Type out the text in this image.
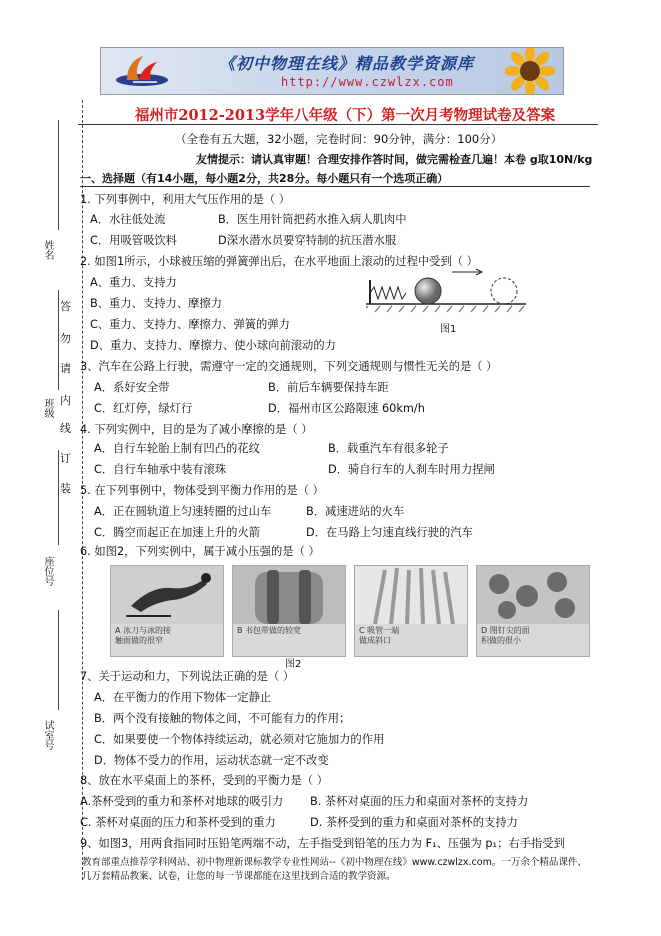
《初中物理在线》精品教学资源库
http://www.czwlzx.com
福州市2012-2013学年八年级（下）第一次月考物理试卷及答案
（全卷有五大题，32小题，完卷时间：90分钟，满分：100分）
友情提示：请认真审题！合理安排作答时间，做完需检查几遍！本卷 g取10N/kg
一、选择题（有14小题，每小题2分，共28分。每小题只有一个选项正确）
姓名
班级
座位号
试室号
答
勿
请
内
线
订
装
1. 下列事例中，利用大气压作用的是（ ）
A．水往低处流	B．医生用针筒把药水推入病人肌肉中
C．用吸管吸饮料	D深水潜水员要穿特制的抗压潜水服
2. 如图1所示，小球被压缩的弹簧弹出后，在水平地面上滚动的过程中受到（ ）
A、重力、支持力
B、重力、支持力、摩擦力
C、重力、支持力、摩擦力、弹簧的弹力
D、重力、支持力、摩擦力、使小球向前滚动的力
图1
3、汽车在公路上行驶，需遵守一定的交通规则，下列交通规则与惯性无关的是（ ）
A．系好安全带	B．前后车辆要保持车距
C．红灯停，绿灯行	D．福州市区公路限速 60km/h
4. 下列实例中，目的是为了减小摩擦的是（ ）
A．自行车轮胎上制有凹凸的花纹	B．载重汽车有很多轮子
C．自行车轴承中装有滚珠	D．骑自行车的人刹车时用力捏闸
5. 在下列事例中，物体受到平衡力作用的是（ ）
A．正在圆轨道上匀速转圈的过山车	B．减速进站的火车
C．腾空而起正在加速上升的火箭	D．在马路上匀速直线行驶的汽车
6. 如图2，下列实例中，属于减小压强的是（ ）
A 冰刀与冰的接
触面做的很窄
B 书包带做的较宽	C 吸管一端
做成斜口
D 图钉尖的面
积做的很小
图2
7、关于运动和力，下列说法正确的是（ ）
A．在平衡力的作用下物体一定静止
B．两个没有接触的物体之间，不可能有力的作用；
C．如果要使一个物体持续运动，就必须对它施加力的作用
D．物体不受力的作用，运动状态就一定不改变
8、放在水平桌面上的茶杯，受到的平衡力是（ ）
A.茶杯受到的重力和茶杯对地球的吸引力 B. 茶杯对桌面的压力和桌面对茶杯的支持力
C. 茶杯对桌面的压力和茶杯受到的重力	D. 茶杯受到的重力和桌面对茶杯的支持力
9、如图3，用两食指同时压铅笔两端不动，左手指受到铅笔的压力为 F₁、压强为 p₁；右手指受到
教育部重点推荐学科网站、初中物理新课标教学专业性网站--《初中物理在线》www.czwlzx.com。一万余个精品课件、几万套精品教案、试卷，让您的每一节课都能在这里找到合适的教学资源。
